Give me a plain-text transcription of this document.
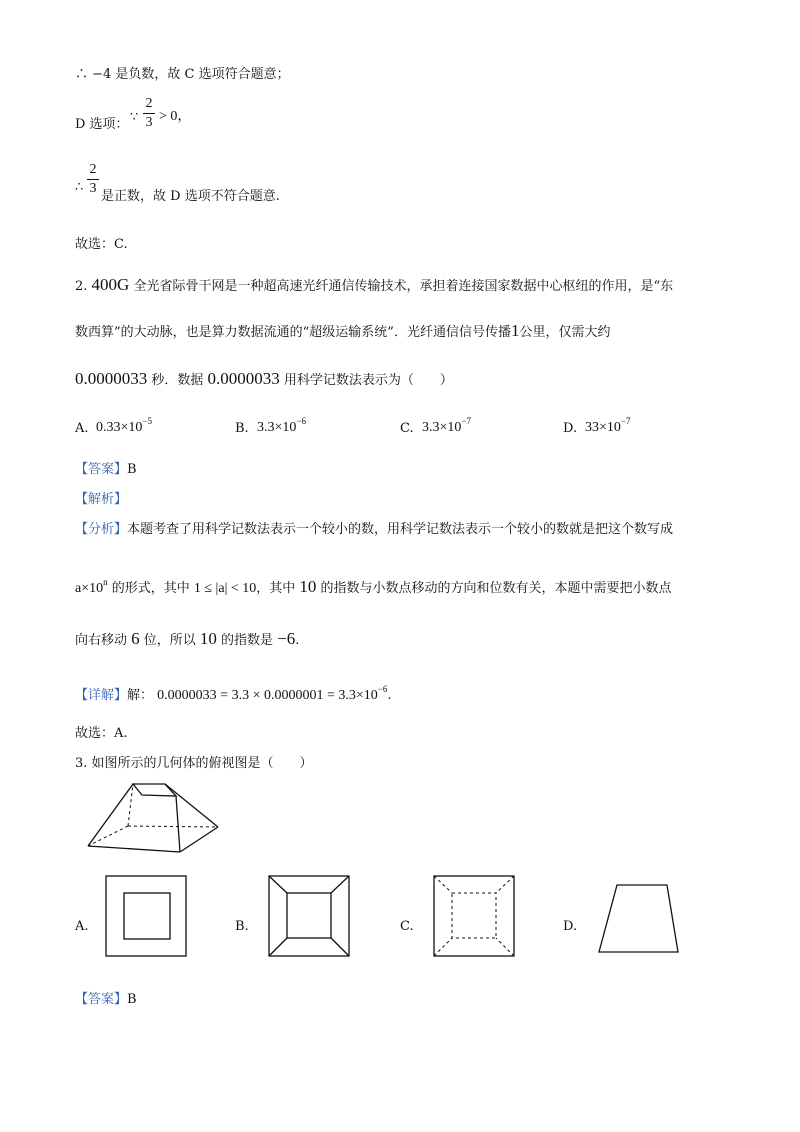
∴ −4 是负数，故 C 选项符合题意；
D 选项：
∵
2
3 > 0，
∴
2
3
是正数，故 D 选项不符合题意.
故选：C.
2. 400G 全光省际骨干网是一种超高速光纤通信传输技术，承担着连接国家数据中心枢纽的作用，是“东
数西算”的大动脉，也是算力数据流通的“超级运输系统”．光纤通信信号传播1公里，仅需大约
0.0000033 秒．数据 0.0000033 用科学记数法表示为（　　）
A. $0.33\times 10^{-5}$	B. $3.3\times 10^{-6}$	C. $3.3\times 10^{-7}$	D. $33\times 10^{-7}$
【答案】B
【解析】
【分析】本题考查了用科学记数法表示一个较小的数，用科学记数法表示一个较小的数就是把这个数写成
$a\times 10^n$ 的形式，其中 1 ≤ |a| < 10，其中 10 的指数与小数点移动的方向和位数有关，本题中需要把小数点
向右移动 6 位，所以 10 的指数是 −6.
【详解】解： $0.0000033 = 3.3 \times 0.0000001 = 3.3\times 10^{-6}$.
故选：A.
3. 如图所示的几何体的俯视图是（　　）
A.	B.	C.	D.
【答案】B
